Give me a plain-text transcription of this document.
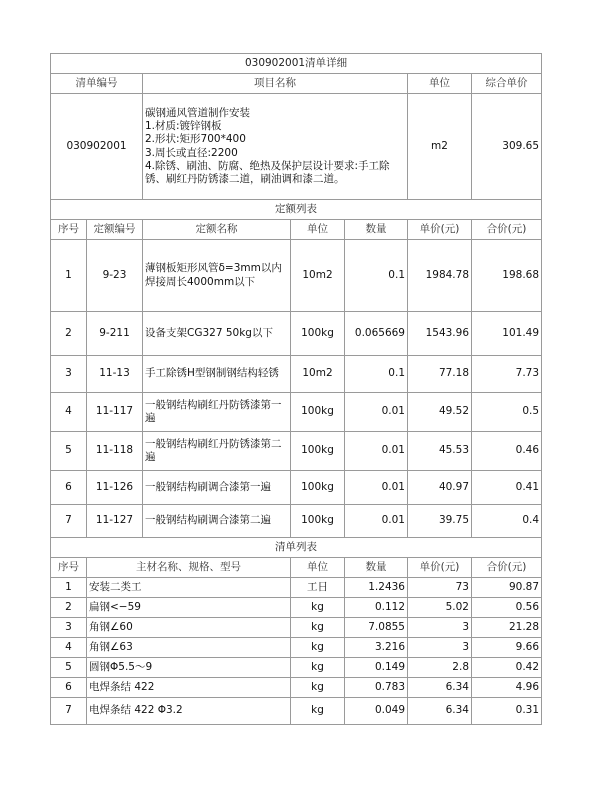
030902001清单详细						
清单编号		项目名称			单位	综合单价
030902001		碳钢通风管道制作安装
1.材质:镀锌钢板
2.形状:矩形700*400
3.周长或直径:2200
4.除锈、刷油、防腐、绝热及保护层设计要求:手工除锈、刷红丹防锈漆二道，刷油调和漆二道。			m2	309.65
定额列表						
序号	定额编号	定额名称	单位	数量	单价(元)	合价(元)
1	9-23	薄钢板矩形风管δ=3mm以内焊接周长4000mm以下	10m2	0.1	1984.78	198.68
2	9-211	设备支架CG327 50kg以下	100kg	0.065669	1543.96	101.49
3	11-13	手工除锈H型钢制钢结构轻锈	10m2	0.1	77.18	7.73
4	11-117	一般钢结构刷红丹防锈漆第一遍	100kg	0.01	49.52	0.5
5	11-118	一般钢结构刷红丹防锈漆第二遍	100kg	0.01	45.53	0.46
6	11-126	一般钢结构刷调合漆第一遍	100kg	0.01	40.97	0.41
7	11-127	一般钢结构刷调合漆第二遍	100kg	0.01	39.75	0.4
清单列表						
序号	主材名称、规格、型号		单位	数量	单价(元)	合价(元)
1	安装二类工		工日	1.2436	73	90.87
2	扁钢<−59		kg	0.112	5.02	0.56
3	角钢∠60		kg	7.0855	3	21.28
4	角钢∠63		kg	3.216	3	9.66
5	圆钢Φ5.5～9		kg	0.149	2.8	0.42
6	电焊条结 422		kg	0.783	6.34	4.96
7	电焊条结 422 Φ3.2		kg	0.049	6.34	0.31
